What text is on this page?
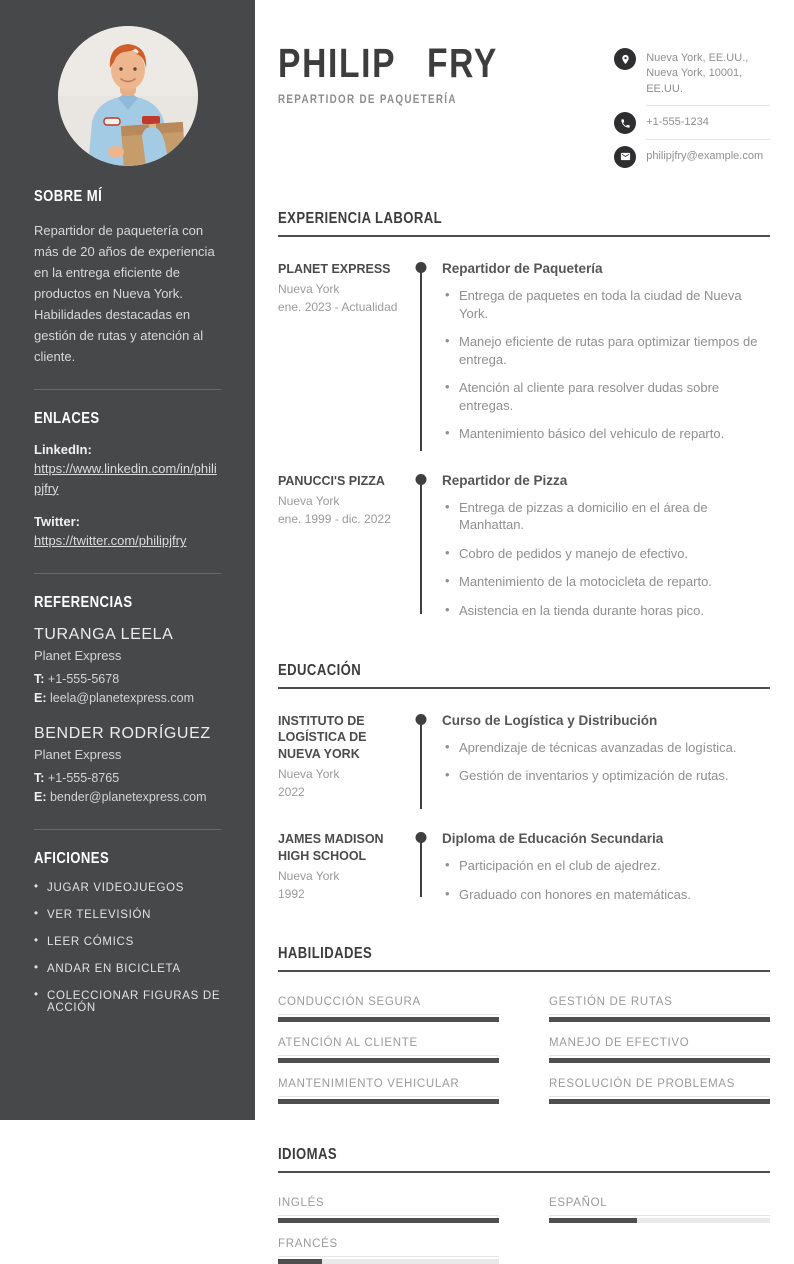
SOBRE MÍ

Repartidor de paquetería con más de 20 años de experiencia en la entrega eficiente de productos en Nueva York. Habilidades destacadas en gestión de rutas y atención al cliente.

ENLACES
LinkedIn:
https://www.linkedin.com/in/philipjfry
Twitter:
https://twitter.com/philipjfry
REFERENCIAS
TURANGA LEELA
Planet Express
T: +1-555-5678
E: leela@planetexpress.com
BENDER RODRÍGUEZ
Planet Express
T: +1-555-8765
E: bender@planetexpress.com
AFICIONES
• JUGAR VIDEOJUEGOS
• VER TELEVISIÓN
• LEER CÓMICS
• ANDAR EN BICICLETA
• COLECCIONAR FIGURAS DE ACCIÓN
PHILIP FRY REPARTIDOR DE PAQUETERÍA
Nueva York, EE.UU., Nueva York, 10001, EE.UU.
+1-555-1234
philipjfry@example.com
EXPERIENCIA LABORAL
PLANET EXPRESS
Nueva York
ene. 2023 - Actualidad
Repartidor de Paquetería
• Entrega de paquetes en toda la ciudad de Nueva York.
• Manejo eficiente de rutas para optimizar tiempos de entrega.
• Atención al cliente para resolver dudas sobre entregas.
• Mantenimiento básico del vehiculo de reparto.
PANUCCI'S PIZZA
Nueva York
ene. 1999 - dic. 2022
Repartidor de Pizza
• Entrega de pizzas a domicilio en el área de Manhattan.
• Cobro de pedidos y manejo de efectivo.
• Mantenimiento de la motocicleta de reparto.
• Asistencia en la tienda durante horas pico.
EDUCACIÓN
INSTITUTO DE LOGÍSTICA DE NUEVA YORK
Nueva York
2022
Curso de Logística y Distribución
• Aprendizaje de técnicas avanzadas de logística.
• Gestión de inventarios y optimización de rutas.
JAMES MADISON HIGH SCHOOL
Nueva York
1992
Diploma de Educación Secundaria
• Participación en el club de ajedrez.
• Graduado con honores en matemáticas.
HABILIDADES
CONDUCCIÓN SEGURA	GESTIÓN DE RUTAS
ATENCIÓN AL CLIENTE	MANEJO DE EFECTIVO
MANTENIMIENTO VEHICULAR	RESOLUCIÓN DE PROBLEMAS
IDIOMAS
INGLÉS	ESPAÑOL
FRANCÉS
